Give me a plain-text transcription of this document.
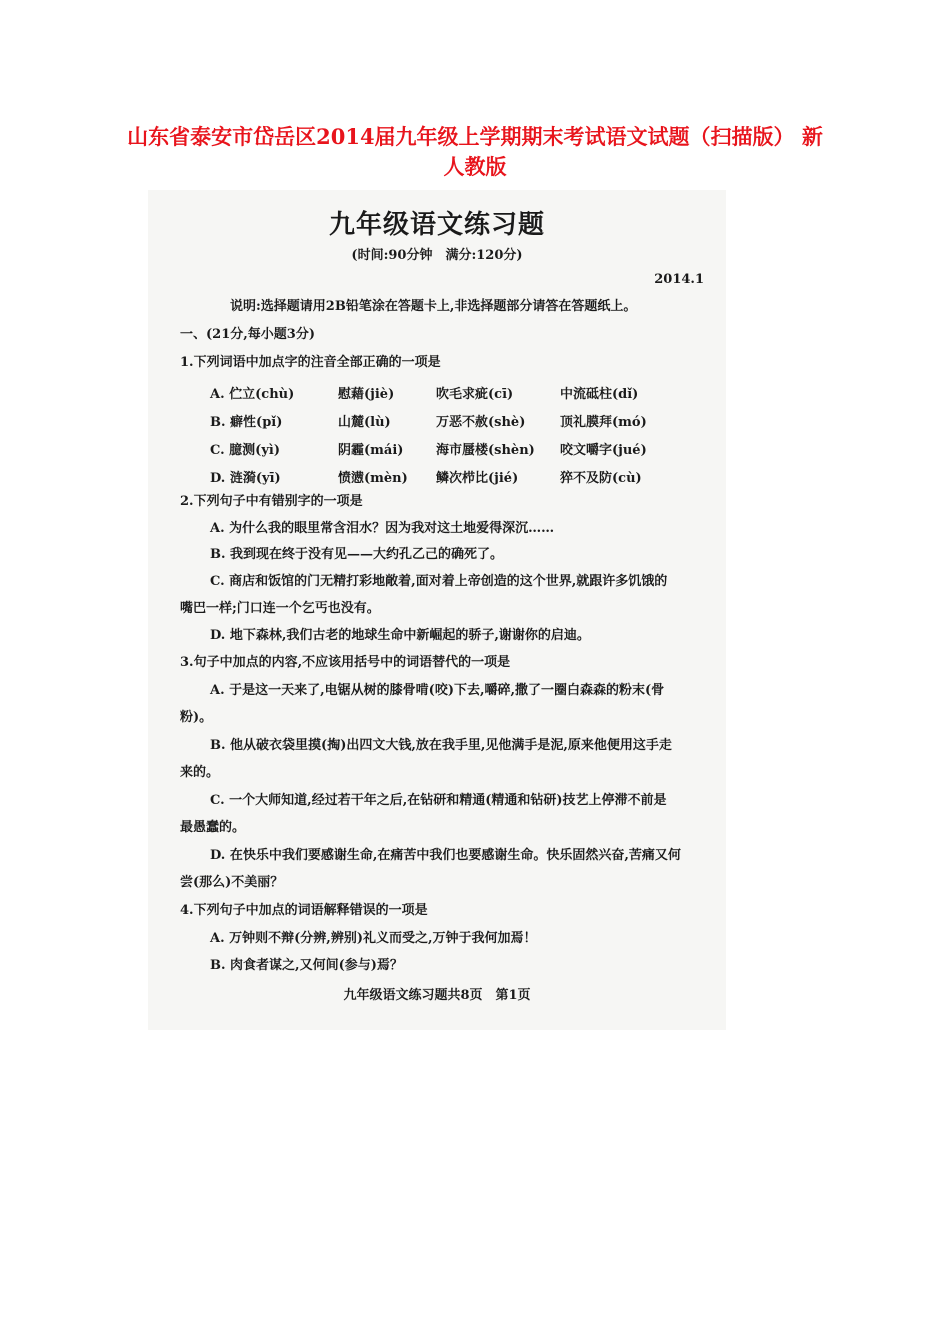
山东省泰安市岱岳区2014届九年级上学期期末考试语文试题（扫描版） 新人教版
九年级语文练习题
(时间:90分钟　满分:120分)
2014.1
说明:选择题请用2B铅笔涂在答题卡上,非选择题部分请答在答题纸上。
一、(21分,每小题3分)
1.下列词语中加点字的注音全部正确的一项是
A. 伫立(chù)	慰藉(jiè)	吹毛求疵(cī)	中流砥柱(dǐ)
B. 癖性(pǐ)	山麓(lù)	万恶不赦(shè)	顶礼膜拜(mó)
C. 臆测(yì)	阴霾(mái)	海市蜃楼(shèn) 咬文嚼字(jué)
D. 涟漪(yī)	愤懑(mèn) 鳞次栉比(jié)	猝不及防(cù)
2.下列句子中有错别字的一项是
A. 为什么我的眼里常含泪水？因为我对这土地爱得深沉……
B. 我到现在终于没有见——大约孔乙己的确死了。
C. 商店和饭馆的门无精打彩地敞着,面对着上帝创造的这个世界,就跟许多饥饿的
嘴巴一样;门口连一个乞丐也没有。
D. 地下森林,我们古老的地球生命中新崛起的骄子,谢谢你的启迪。
3.句子中加点的内容,不应该用括号中的词语替代的一项是
A. 于是这一天来了,电锯从树的膝骨啃(咬)下去,嚼碎,撒了一圈白森森的粉末(骨
粉)。
B. 他从破衣袋里摸(掏)出四文大钱,放在我手里,见他满手是泥,原来他便用这手走
来的。
C. 一个大师知道,经过若干年之后,在钻研和精通(精通和钻研)技艺上停滞不前是
最愚蠢的。
D. 在快乐中我们要感谢生命,在痛苦中我们也要感谢生命。快乐固然兴奋,苦痛又何
尝(那么)不美丽？
4.下列句子中加点的词语解释错误的一项是
A. 万钟则不辩(分辨,辨别)礼义而受之,万钟于我何加焉！
B. 肉食者谋之,又何间(参与)焉？
九年级语文练习题共8页　第1页
